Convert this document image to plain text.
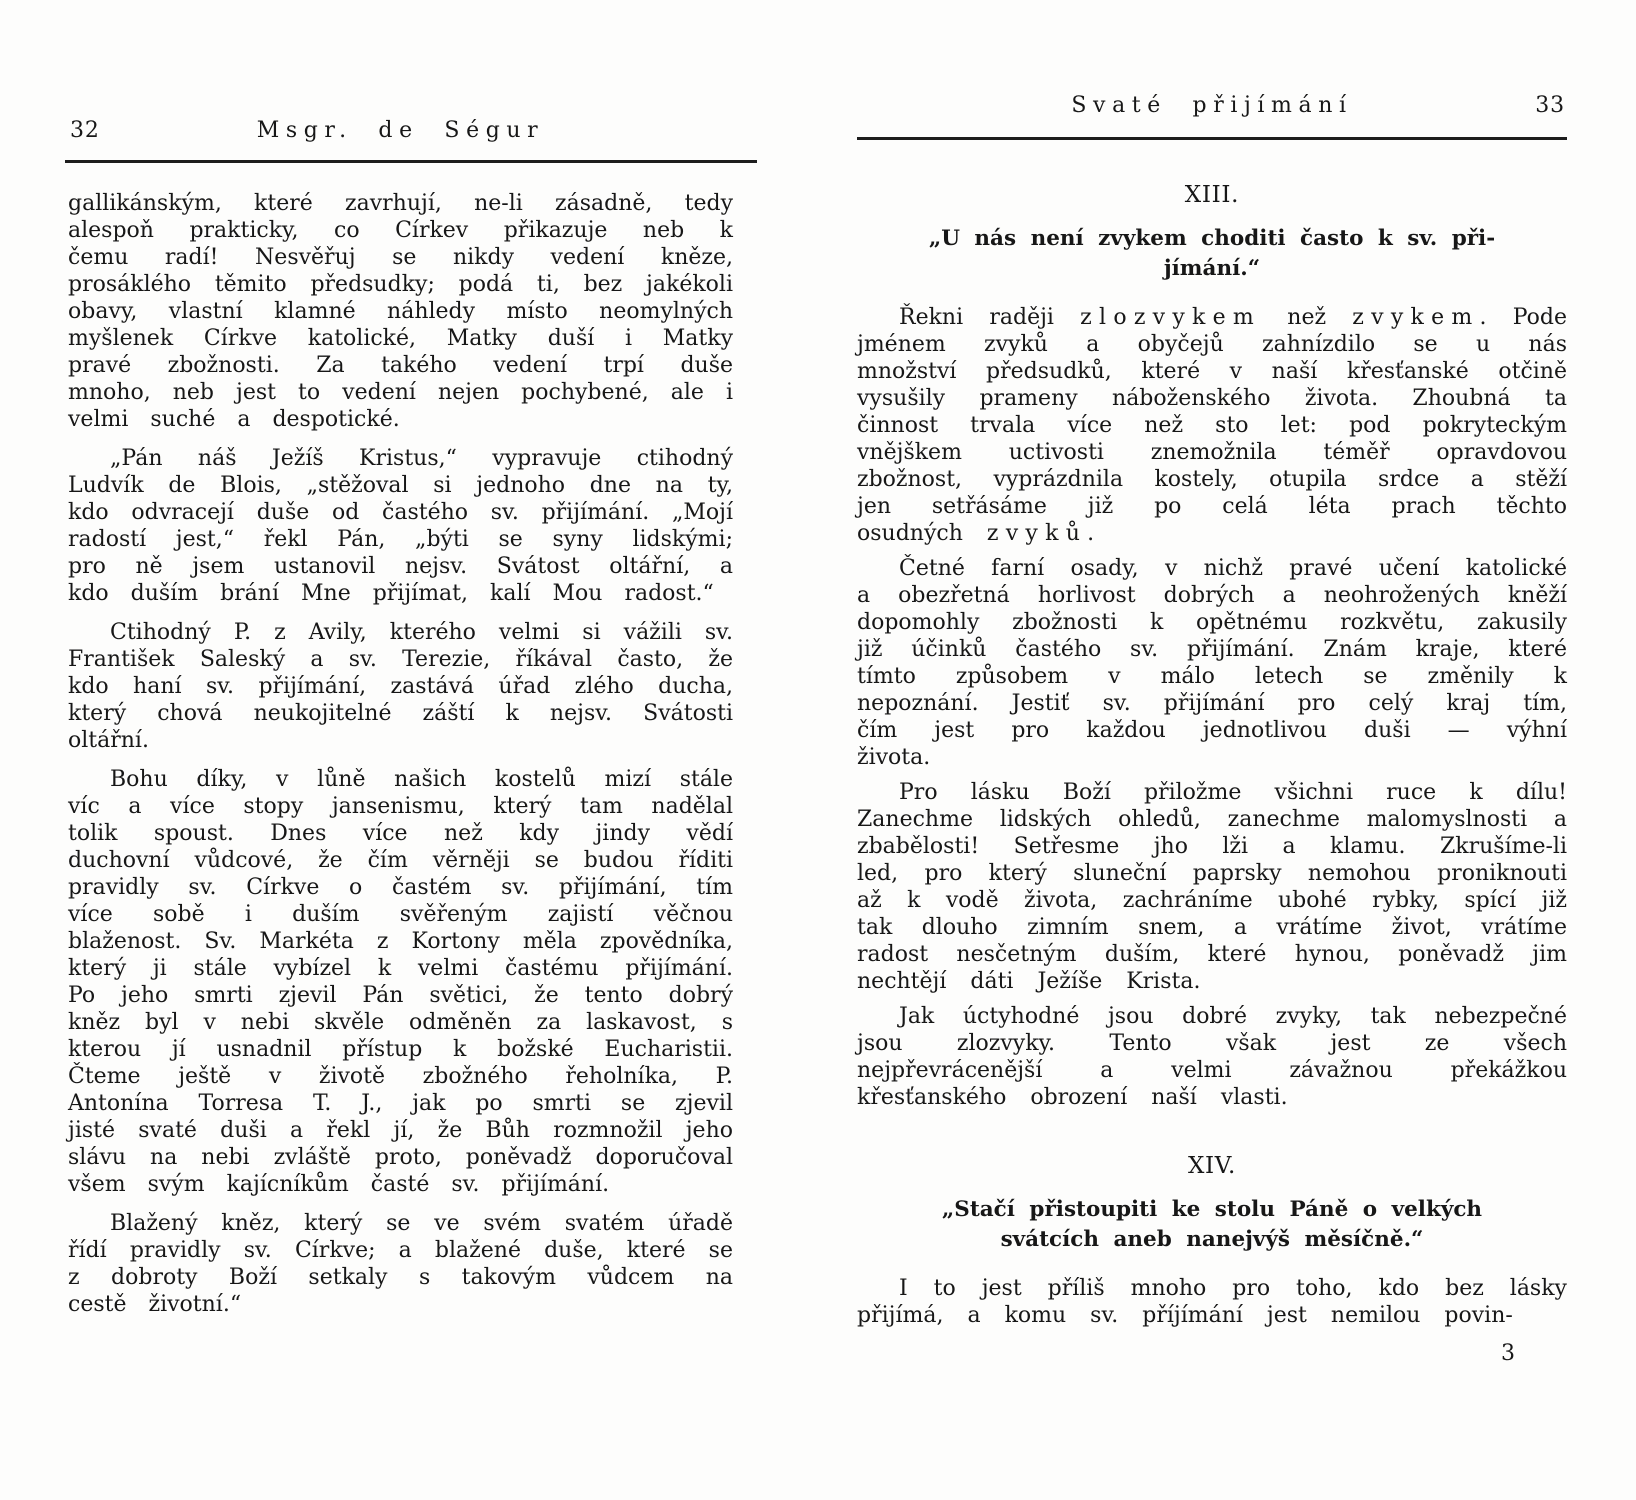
32	Msgr. de Ségur

gallikánským, které zavrhují, ne-li zásadně, tedy alespoň prakticky, co Církev přikazuje neb k čemu radí! Nesvěřuj se nikdy vedení kněze, prosáklého těmito předsudky; podá ti, bez jakékoli obavy, vlastní klamné náhledy místo neomylných myšlenek Církve katolické, Matky duší i Matky pravé zbožnosti. Za takého vedení trpí duše mnoho, neb jest to vedení nejen pochybené, ale i velmi suché a despotické.

„Pán náš Ježíš Kristus,“ vypravuje ctihodný Ludvík de Blois, „stěžoval si jednoho dne na ty, kdo odvracejí duše od častého sv. přijímání. „Mojí radostí jest,“ řekl Pán, „býti se syny lidskými; pro ně jsem ustanovil nejsv. Svátost oltářní, a kdo duším brání Mne přijímat, kalí Mou radost.“

Ctihodný P. z Avily, kterého velmi si vážili sv. František Saleský a sv. Terezie, říkával často, že kdo haní sv. přijímání, zastává úřad zlého ducha, který chová neukojitelné záští k nejsv. Svátosti oltářní.

Bohu díky, v lůně našich kostelů mizí stále víc a více stopy jansenismu, který tam nadělal tolik spoust. Dnes více než kdy jindy vědí duchovní vůdcové, že čím věrněji se budou říditi pravidly sv. Církve o častém sv. přijímání, tím více sobě i duším svěřeným zajistí věčnou blaženost. Sv. Markéta z Kortony měla zpovědníka, který ji stále vybízel k velmi častému přijímání. Po jeho smrti zjevil Pán světici, že tento dobrý kněz byl v nebi skvěle odměněn za laskavost, s kterou jí usnadnil přístup k božské Eucharistii. Čteme ještě v životě zbožného řeholníka, P. Antonína Torresa T. J., jak po smrti se zjevil jisté svaté duši a řekl jí, že Bůh rozmnožil jeho slávu na nebi zvláště proto, poněvadž doporučoval všem svým kajícníkům časté sv. přijímání.

Blažený kněz, který se ve svém svatém úřadě řídí pravidly sv. Církve; a blažené duše, které se z dobroty Boží setkaly s takovým vůdcem na cestě životní.“

Svaté přijímání	33
XIII.
„U nás není zvykem choditi často k sv. při-
jímání.“

Řekni raději zlozvykem než zvykem. Pode jménem zvyků a obyčejů zahnízdilo se u nás množství předsudků, které v naší křesťanské otčině vysušily prameny náboženského života. Zhoubná ta činnost trvala více než sto let: pod pokryteckým vnějškem uctivosti znemožnila téměř opravdovou zbožnost, vyprázdnila kostely, otupila srdce a stěží jen setřásáme již po celá léta prach těchto osudných zvyků.

Četné farní osady, v nichž pravé učení katolické a obezřetná horlivost dobrých a neohrožených kněží dopomohly zbožnosti k opětnému rozkvětu, zakusily již účinků častého sv. přijímání. Znám kraje, které tímto způsobem v málo letech se změnily k nepoznání. Jestiť sv. přijímání pro celý kraj tím, čím jest pro každou jednotlivou duši — výhní života.

Pro lásku Boží přiložme všichni ruce k dílu! Zanechme lidských ohledů, zanechme malomyslnosti a zbabělosti! Setřesme jho lži a klamu. Zkrušíme-li led, pro který sluneční paprsky nemohou proniknouti až k vodě života, zachráníme ubohé rybky, spící již tak dlouho zimním snem, a vrátíme život, vrátíme radost nesčetným duším, které hynou, poněvadž jim nechtějí dáti Ježíše Krista.

Jak úctyhodné jsou dobré zvyky, tak nebezpečné jsou zlozvyky. Tento však jest ze všech nejpřevrácenější a velmi závažnou překážkou křesťanského obrození naší vlasti.

XIV.
„Stačí přistoupiti ke stolu Páně o velkých
svátcích aneb nanejvýš měsíčně.“

I to jest příliš mnoho pro toho, kdo bez lásky přijímá, a komu sv. příjímání jest nemilou povin-

3
